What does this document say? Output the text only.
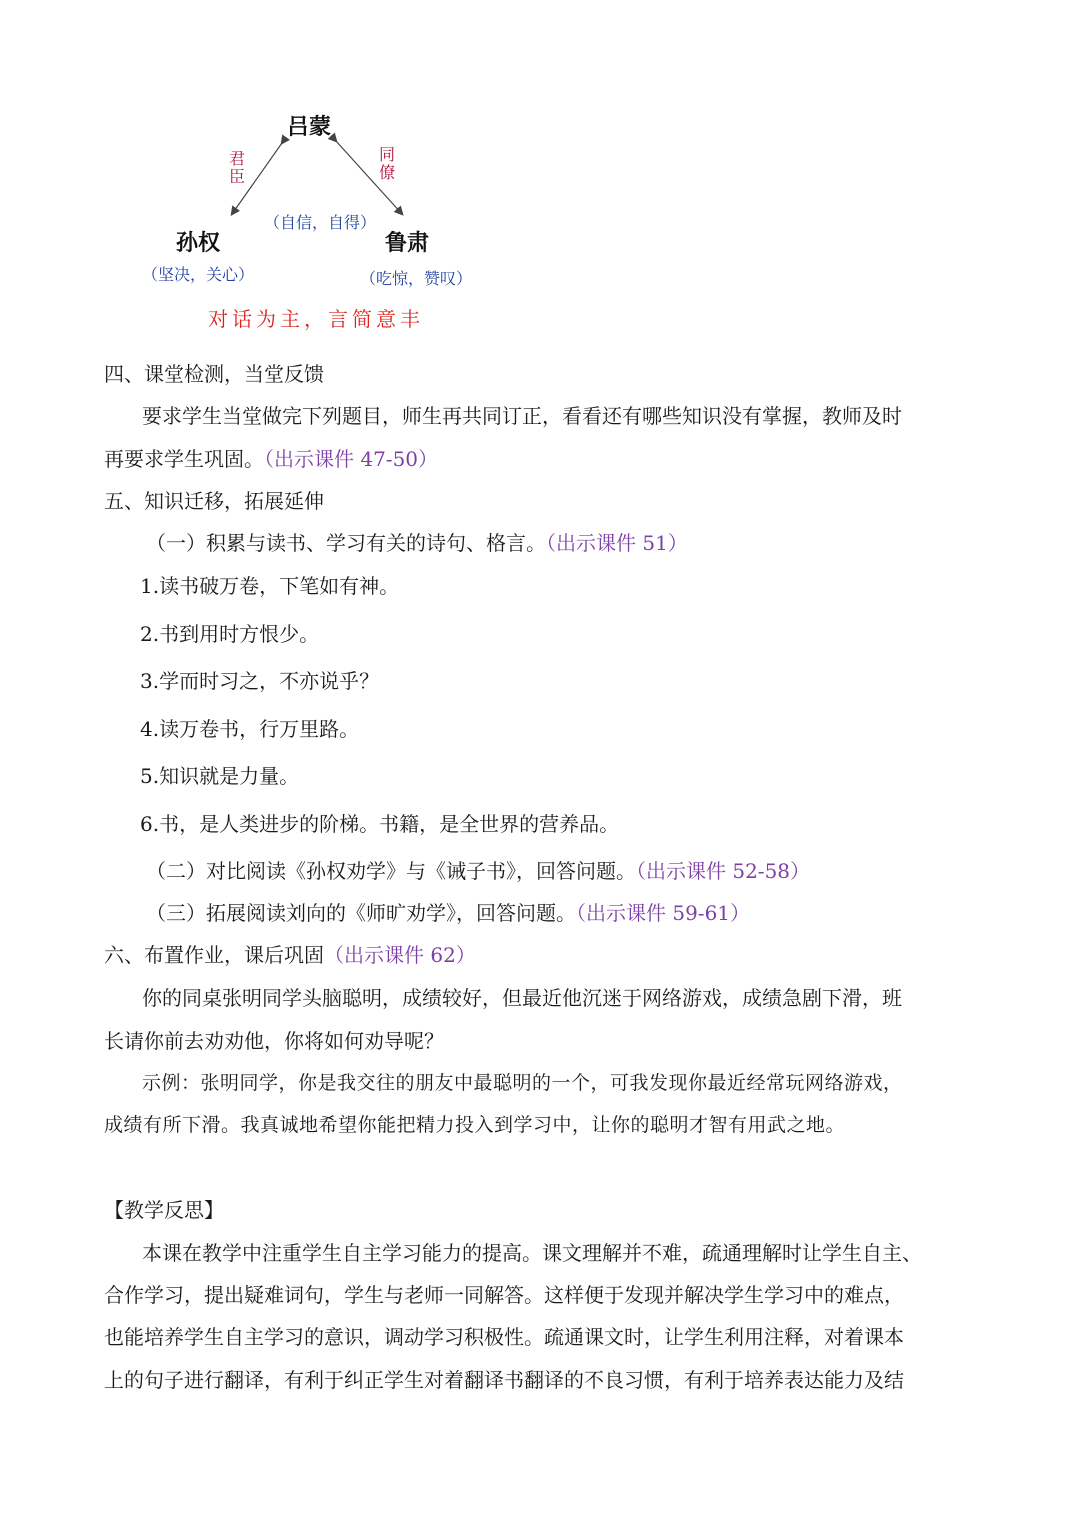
吕蒙
孙权	鲁肃
君臣
同僚
（自信，自得）
（坚决，关心）	（吃惊，赞叹）
对话为主，言简意丰
四、课堂检测，当堂反馈
要求学生当堂做完下列题目，师生再共同订正，看看还有哪些知识没有掌握，教师及时
再要求学生巩固。（出示课件 47-50）
五、知识迁移，拓展延伸
（一）积累与读书、学习有关的诗句、格言。（出示课件 51）
1.读书破万卷，下笔如有神。
2.书到用时方恨少。
3.学而时习之，不亦说乎？
4.读万卷书，行万里路。
5.知识就是力量。
6.书，是人类进步的阶梯。书籍，是全世界的营养品。
（二）对比阅读《孙权劝学》与《诫子书》，回答问题。（出示课件 52-58）
（三）拓展阅读刘向的《师旷劝学》，回答问题。（出示课件 59-61）
六、布置作业，课后巩固（出示课件 62）
你的同桌张明同学头脑聪明，成绩较好，但最近他沉迷于网络游戏，成绩急剧下滑，班
长请你前去劝劝他，你将如何劝导呢？
示例：张明同学，你是我交往的朋友中最聪明的一个，可我发现你最近经常玩网络游戏，
成绩有所下滑。我真诚地希望你能把精力投入到学习中，让你的聪明才智有用武之地。
【教学反思】
本课在教学中注重学生自主学习能力的提高。课文理解并不难，疏通理解时让学生自主、
合作学习，提出疑难词句，学生与老师一同解答。这样便于发现并解决学生学习中的难点，
也能培养学生自主学习的意识，调动学习积极性。疏通课文时，让学生利用注释，对着课本
上的句子进行翻译，有利于纠正学生对着翻译书翻译的不良习惯，有利于培养表达能力及结
